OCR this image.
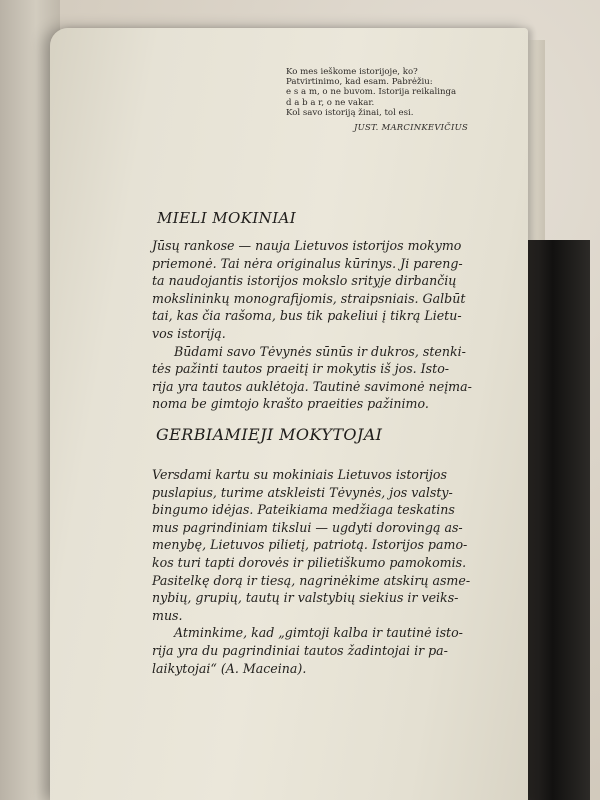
Ko mes ieškome istorijoje, ko?
Patvirtinimo, kad esam. Pabrėžiu:
e s a m, o ne buvom. Istorija reikalinga
d a b a r, o ne vakar.
Kol savo istoriją žinai, tol esi.
JUST. MARCINKEVIČIUS
MIELI MOKINIAI
Jūsų rankose — nauja Lietuvos istorijos mokymo
priemonė. Tai nėra originalus kūrinys. Ji pareng-
ta naudojantis istorijos mokslo srityje dirbančių
mokslininkų monografijomis, straipsniais. Galbūt
tai, kas čia rašoma, bus tik pakeliui į tikrą Lietu-
vos istoriją.
Būdami savo Tėvynės sūnūs ir dukros, stenki-
tės pažinti tautos praeitį ir mokytis iš jos. Isto-
rija yra tautos auklėtoja. Tautinė savimonė neįma-
noma be gimtojo krašto praeities pažinimo.
GERBIAMIEJI MOKYTOJAI
Versdami kartu su mokiniais Lietuvos istorijos
puslapius, turime atskleisti Tėvynės, jos valsty-
bingumo idėjas. Pateikiama medžiaga teskatins
mus pagrindiniam tikslui — ugdyti dorovingą as-
menybę, Lietuvos pilietį, patriotą. Istorijos pamo-
kos turi tapti dorovės ir pilietiškumo pamokomis.
Pasitelkę dorą ir tiesą, nagrinėkime atskirų asme-
nybių, grupių, tautų ir valstybių siekius ir veiks-
mus.
Atminkime, kad „gimtoji kalba ir tautinė isto-
rija yra du pagrindiniai tautos žadintojai ir pa-
laikytojai“ (A. Maceina).
